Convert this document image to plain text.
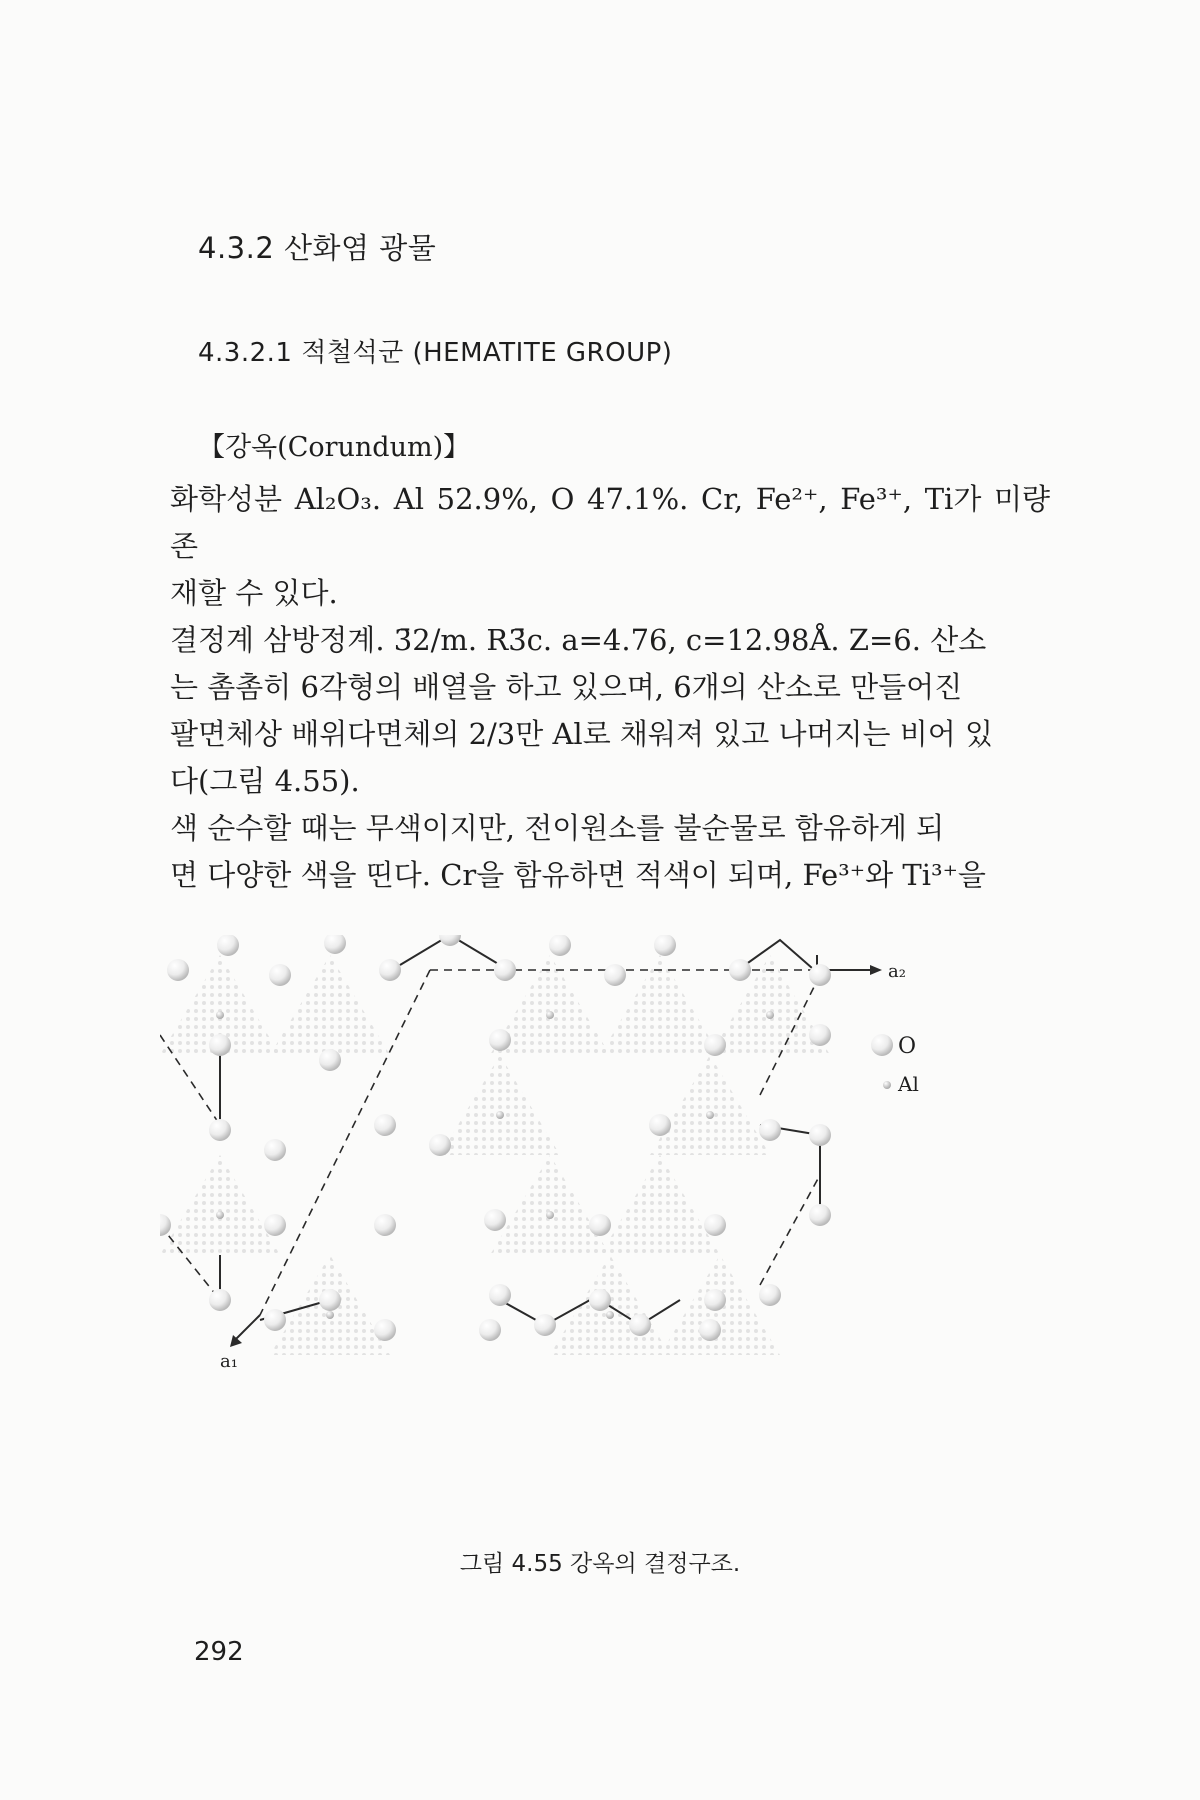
4.3.2 산화염 광물
4.3.2.1 적철석군 (HEMATITE GROUP)
【강옥(Corundum)】

화학성분 Al₂O₃. Al 52.9%, O 47.1%. Cr, Fe²⁺, Fe³⁺, Ti가 미량 존
재할 수 있다.

결정계 삼방정계. 3̄2/m. R3̄c. a=4.76, c=12.98Å. Z=6. 산소
는 촘촘히 6각형의 배열을 하고 있으며, 6개의 산소로 만들어진
팔면체상 배위다면체의 2/3만 Al로 채워져 있고 나머지는 비어 있
다(그림 4.55).

색 순수할 때는 무색이지만, 전이원소를 불순물로 함유하게 되
면 다양한 색을 띤다. Cr을 함유하면 적색이 되며, Fe³⁺와 Ti³⁺을

O
Al
a₂
a₁
그림 4.55 강옥의 결정구조.
292
